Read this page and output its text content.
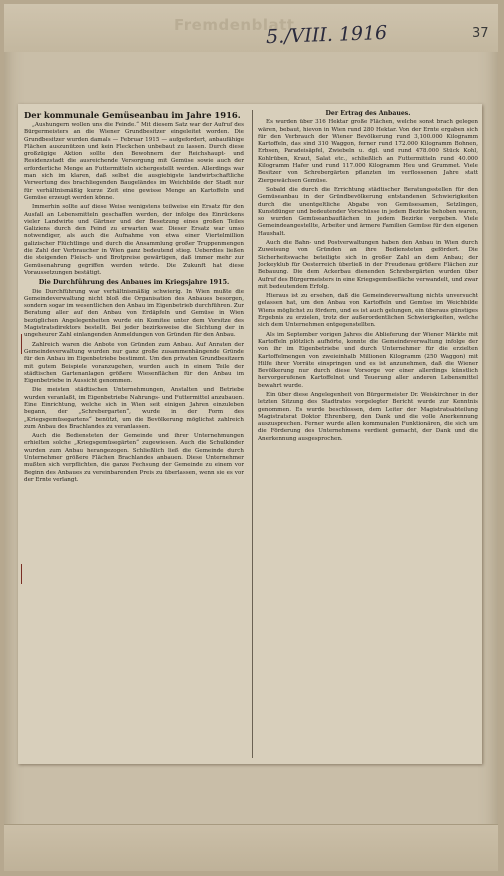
Fremdenblatt
5./VIII. 1916	37

Der kommunale Gemüseanbau im Jahre 1916.

„Aushungern wollen uns die Feinde.“ Mit diesem Satz war der Aufruf des Bürgermeisters an die Wiener Grundbesitzer eingeleitet worden. Die Grundbesitzer wurden damals — Februar 1915 — aufgefordert, anbaufähige Flächen auszunützen und kein Fleckchen unbebaut zu lassen. Durch diese großzügige Aktion sollte den Bewohnern der Reichshaupt- und Residenzstadt die ausreichende Versorgung mit Gemüse sowie auch der erforderliche Menge an Futtermitteln sichergestellt werden. Allerdings war man sich im klaren, daß selbst die ausgiebigste landwirtschaftliche Verwertung des brachliegenden Baugeländes im Weichbilde der Stadt nur für verhältnismäßig kurze Zeit eine gewisse Menge an Kartoffeln und Gemüse erzeugt werden könne.

Immerhin sollte auf diese Weise wenigstens teilweise ein Ersatz für den Ausfall an Lebensmitteln geschaffen werden, der infolge des Einrückens vieler Landwirte und Gärtner und der Besetzung eines großen Teiles Galiziens durch den Feind zu erwarten war. Dieser Ersatz war umso notwendiger, als auch die Aufnahme von etwa einer Viertelmillion galizischer Flüchtlinge und durch die Ansammlung großer Truppenmengen die Zahl der Verbraucher in Wien ganz bedeutend stieg. Ueberdies ließen die steigenden Fleisch- und Brotpreise gewärtigen, daß immer mehr zur Gemüsenahrung gegriffen werden würde. Die Zukunft hat diese Voraussetzungen bestätigt.

Die Durchführung des Anbaues im Kriegsjahre 1915.

Die Durchführung war verhältnismäßig schwierig. In Wien mußte die Gemeindeverwaltung nicht bloß die Organisation des Anbaues besorgen, sondern sogar im wesentlichen den Anbau im Eigenbetrieb durchführen. Zur Beratung aller auf den Anbau von Erdäpfeln und Gemüse in Wien bezüglichen Angelegenheiten wurde ein Komitee unter dem Vorsitze des Magistratsdirektors bestellt. Bei jeder bezirksweise die Sichtung der in ungeheurer Zahl einlangenden Anmeldungen von Gründen für den Anbau.

Zahlreich waren die Anbote von Gründen zum Anbau. Auf Anraten der Gemeindeverwaltung wurden nur ganz große zusammenhängende Gründe für den Anbau im Eigenbetriebe bestimmt. Um den privaten Grundbesitzern mit gutem Beispiele voranzugehen, wurden auch in einem Teile der städtischen Gartenanlagen größere Wiesenflächen für den Anbau im Eigenbetriebe in Aussicht genommen.

Die meisten städtischen Unternehmungen, Anstalten und Betriebe wurden veranlaßt, im Eigenbetriebe Nahrungs- und Futtermittel anzubauen. Eine Einrichtung, welche sich in Wien seit einigen Jahren einzuleben begann, der „Schrebergarten“, wurde in der Form des „Kriegsgemüsegartens“ benützt, um die Bevölkerung möglichst zahlreich zum Anbau des Brachlandes zu veranlassen.

Auch die Bediensteten der Gemeinde und ihrer Unternehmungen erhielten solche „Kriegsgemüsegärten“ zugewiesen. Auch die Schulkinder wurden zum Anbau herangezogen. Schließlich ließ die Gemeinde durch Unternehmer größere Flächen Brachlandes anbauen. Diese Unternehmer mußten sich verpflichten, die ganze Fechsung der Gemeinde zu einem vor Beginn des Anbaues zu vereinbarenden Preis zu überlassen, wenn sie es vor der Ernte verlangt.

Der Ertrag des Anbaues.

Es wurden über 316 Hektar große Flächen, welche sonst brach gelegen wären, bebaut, hievon in Wien rund 280 Hektar. Von der Ernte ergaben sich für den Verbrauch der Wiener Bevölkerung rund 3,100.000 Kilogramm Kartoffeln, das sind 310 Waggon, ferner rund 172.000 Kilogramm Bohnen, Erbsen, Paradeisäpfel, Zwiebeln u. dgl. und rund 478.000 Stück Kohl, Kohlrüben, Kraut, Salat etc., schließlich an Futtermitteln rund 40.000 Kilogramm Hafer und rund 117.000 Kilogramm Heu und Grummet. Viele Besitzer von Schrebergärten pflanzten im verflossenen Jahre statt Ziergewächsen Gemüse.

Sobald die durch die Errichtung städtischer Beratungsstellen für den Gemüseanbau in der Gründbevölkerung entstandenen Schwierigkeiten durch die unentgeltliche Abgabe von Gemüsesamen, Setzlingen, Kunstdünger und bedeutender Vorschüsse in jedem Bezirke behoben waren, so wurden Gemüseanbauflächen in jedem Bezirke vergeben. Viele Gemeindeangestellte, Arbeiter und ärmere Familien Gemüse für den eigenen Haushalt.

Auch die Bahn- und Postverwaltungen haben den Anbau in Wien durch Zuweisung von Gründen an ihre Bediensteten gefördert. Die Sicherheitswache beteiligte sich in großer Zahl an dem Anbau; der Jockeyklub für Oesterreich überließ in der Freudenau größere Flächen zur Bebauung. Die dem Ackerbau dienenden Schrebergärten wurden über Aufruf des Bürgermeisters in eine Kriegsgemüsefläche verwandelt, und zwar mit bedeutendem Erfolg.

Hieraus ist zu ersehen, daß die Gemeindeverwaltung nichts unversucht gelassen hat, um den Anbau von Kartoffeln und Gemüse im Weichbilde Wiens möglichst zu fördern, und es ist auch gelungen, ein überaus günstiges Ergebnis zu erzielen, trotz der außerordentlichen Schwierigkeiten, welche sich dem Unternehmen entgegenstellten.

Als im September vorigen Jahres die Ablieferung der Wiener Märkte mit Kartoffeln plötzlich aufhörte, konnte die Gemeindeverwaltung infolge der von ihr im Eigenbetriebe und durch Unternehmer für die erzielten Kartoffelmengen von zweieinhalb Millionen Kilogramm (250 Waggon) mit Hilfe ihrer Vorräte einspringen und es ist anzunehmen, daß die Wiener Bevölkerung nur durch diese Vorsorge vor einer allerdings künstlich hervorgerufenen Kartoffelnot und Teuerung aller anderen Lebensmittel bewahrt wurde.

Ein über diese Angelegenheit von Bürgermeister Dr. Weiskirchner in der letzten Sitzung des Stadtrates vorgelegter Bericht wurde zur Kenntnis genommen. Es wurde beschlossen, dem Leiter der Magistratsabteilung Magistratsrat Doktor Ehrenberg, den Dank und die volle Anerkennung auszusprechen. Ferner wurde allen kommunalen Funktionären, die sich um die Förderung des Unternehmens verdient gemacht, der Dank und die Anerkennung ausgesprochen.
